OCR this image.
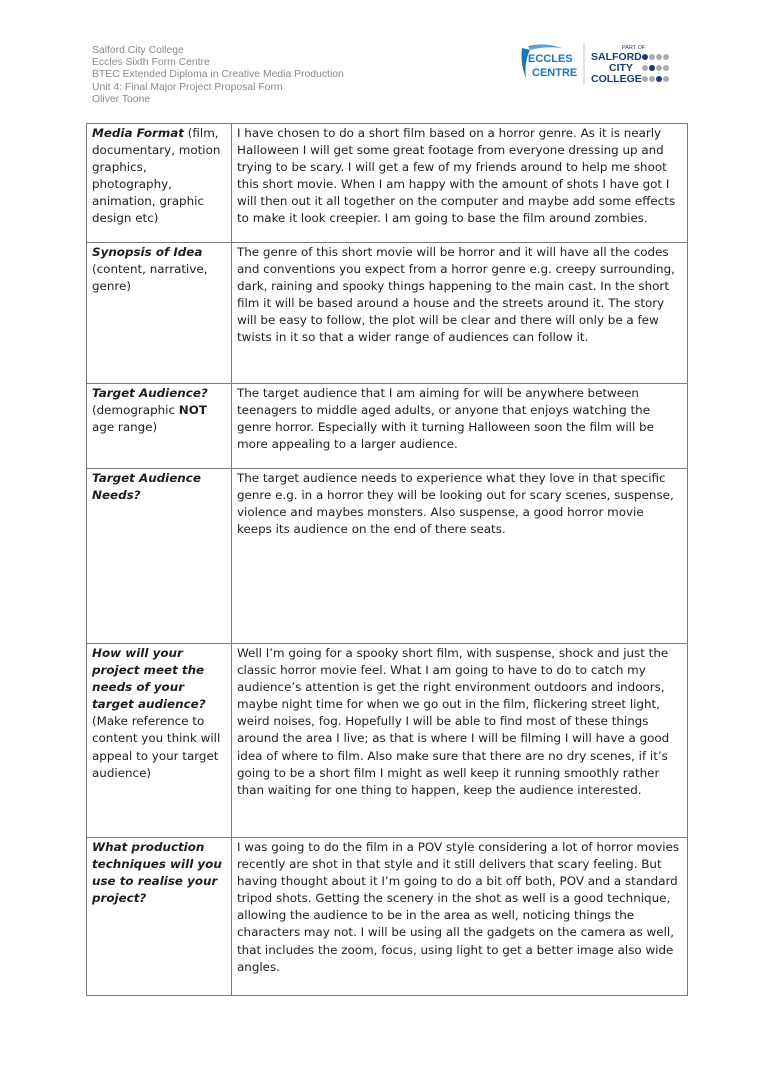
Salford City College
Eccles Sixth Form Centre
BTEC Extended Diploma in Creative Media Production
Unit 4: Final Major Project Proposal Form
Oliver Toone
ECCLES
CENTRE
PART OF
SALFORD
CITY
COLLEGE
Media Format (film, documentary, motion graphics, photography, animation, graphic design etc)	I have chosen to do a short film based on a horror genre. As it is nearly Halloween I will get some great footage from everyone dressing up and trying to be scary. I will get a few of my friends around to help me shoot this short movie. When I am happy with the amount of shots I have got I will then out it all together on the computer and maybe add some effects to make it look creepier. I am going to base the film around zombies.
Synopsis of Idea (content, narrative, genre)	The genre of this short movie will be horror and it will have all the codes and conventions you expect from a horror genre e.g. creepy surrounding, dark, raining and spooky things happening to the main cast. In the short film it will be based around a house and the streets around it. The story will be easy to follow, the plot will be clear and there will only be a few twists in it so that a wider range of audiences can follow it.
Target Audience? (demographic NOT age range)	The target audience that I am aiming for will be anywhere between teenagers to middle aged adults, or anyone that enjoys watching the genre horror. Especially with it turning Halloween soon the film will be more appealing to a larger audience.
Target Audience Needs?	The target audience needs to experience what they love in that specific genre e.g. in a horror they will be looking out for scary scenes, suspense, violence and maybes monsters. Also suspense, a good horror movie keeps its audience on the end of there seats.
How will your project meet the needs of your target audience? (Make reference to content you think will appeal to your target audience)	Well I’m going for a spooky short film, with suspense, shock and just the classic horror movie feel. What I am going to have to do to catch my audience’s attention is get the right environment outdoors and indoors, maybe night time for when we go out in the film, flickering street light, weird noises, fog. Hopefully I will be able to find most of these things around the area I live; as that is where I will be filming I will have a good idea of where to film. Also make sure that there are no dry scenes, if it’s going to be a short film I might as well keep it running smoothly rather than waiting for one thing to happen, keep the audience interested.
What production techniques will you use to realise your project?	I was going to do the film in a POV style considering a lot of horror movies recently are shot in that style and it still delivers that scary feeling. But having thought about it I’m going to do a bit off both, POV and a standard tripod shots. Getting the scenery in the shot as well is a good technique, allowing the audience to be in the area as well, noticing things the characters may not. I will be using all the gadgets on the camera as well, that includes the zoom, focus, using light to get a better image also wide angles.
